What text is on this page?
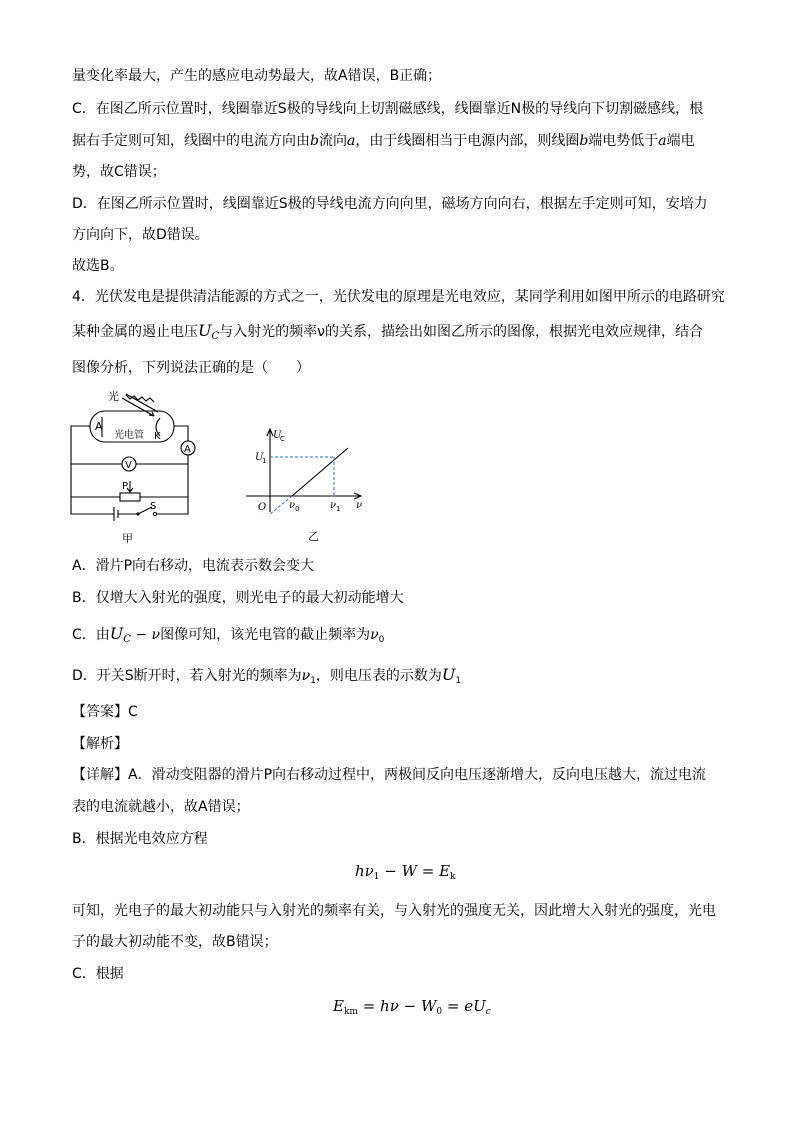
量变化率最大，产生的感应电动势最大，故A错误，B正确；
C．在图乙所示位置时，线圈靠近S极的导线向上切割磁感线，线圈靠近N极的导线向下切割磁感线，根
据右手定则可知，线圈中的电流方向由b流向a，由于线圈相当于电源内部，则线圈b端电势低于a端电
势，故C错误；
D．在图乙所示位置时，线圈靠近S极的导线电流方向向里，磁场方向向右，根据左手定则可知，安培力
方向向下，故D错误。
故选B。
4．光伏发电是提供清洁能源的方式之一，光伏发电的原理是光电效应，某同学利用如图甲所示的电路研究
某种金属的遏止电压$U_C$与入射光的频率ν的关系，描绘出如图乙所示的图像，根据光电效应规律，结合
图像分析，下列说法正确的是（　　）
光
A
K
光电管
A
V
P
S
甲
U
C
U
1
O ν 0	ν 1 ν
乙
A．滑片P向右移动，电流表示数会变大
B．仅增大入射光的强度，则光电子的最大初动能增大
C．由$U_C - \nu$图像可知，该光电管的截止频率为$\nu_0$
D．开关S断开时，若入射光的频率为$\nu_1$，则电压表的示数为$U_1$
【答案】C
【解析】
【详解】A．滑动变阻器的滑片P向右移动过程中，两极间反向电压逐渐增大，反向电压越大，流过电流
表的电流就越小，故A错误；
B．根据光电效应方程
$h\nu_1 - W = E_k$
可知，光电子的最大初动能只与入射光的频率有关，与入射光的强度无关，因此增大入射光的强度，光电
子的最大初动能不变，故B错误；
C．根据
$E_{km} = h\nu - W_0 = eU_c$
